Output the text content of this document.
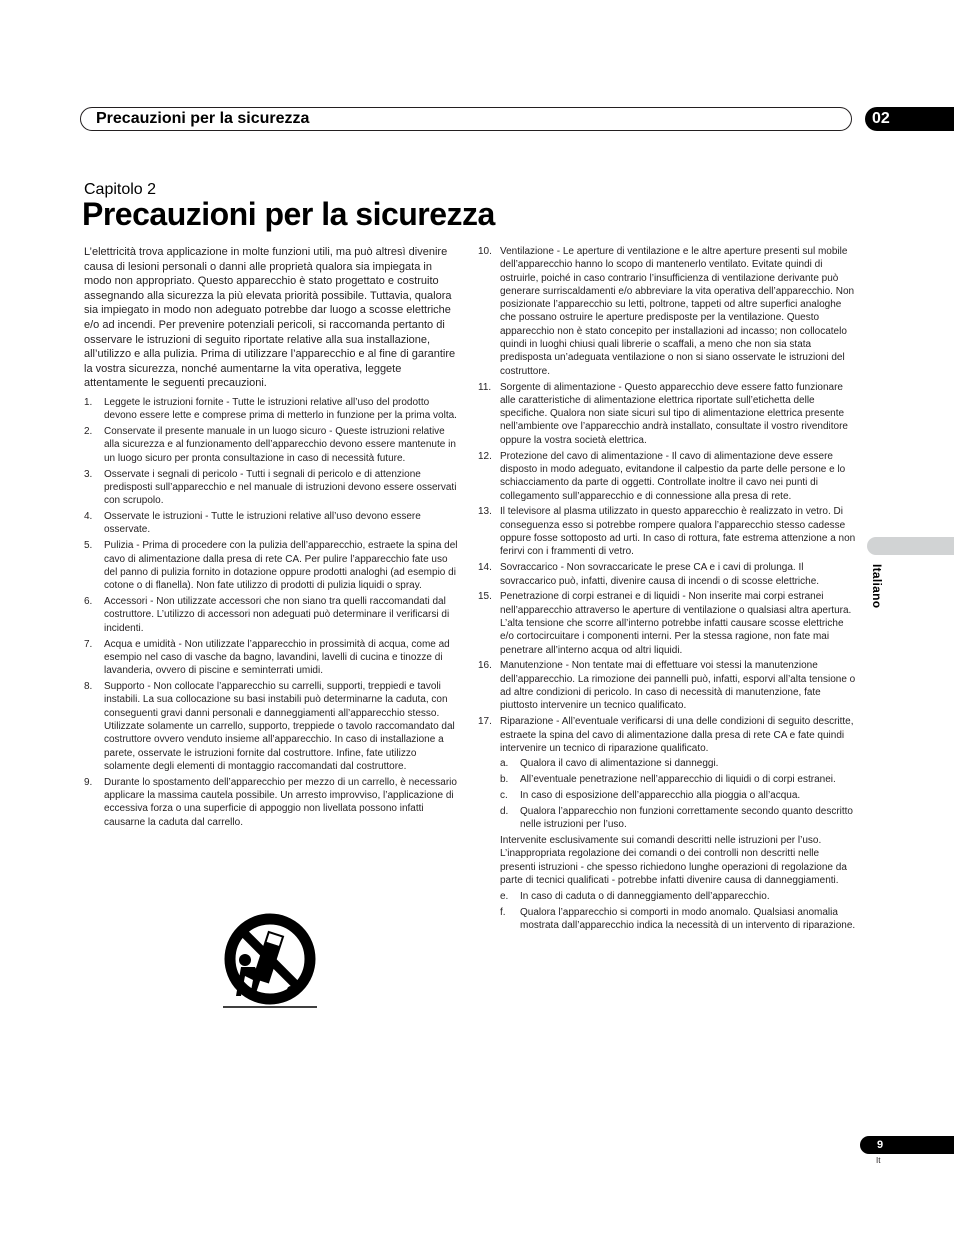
Precauzioni per la sicurezza	02
Capitolo 2
Precauzioni per la sicurezza

L’elettricità trova applicazione in molte funzioni utili, ma può altresì divenire causa di lesioni personali o danni alle proprietà qualora sia impiegata in modo non appropriato. Questo apparecchio è stato progettato e costruito assegnando alla sicurezza la più elevata priorità possibile. Tuttavia, qualora sia impiegato in modo non adeguato potrebbe dar luogo a scosse elettriche e/o ad incendi. Per prevenire potenziali pericoli, si raccomanda pertanto di osservare le istruzioni di seguito riportate relative alla sua installazione, all’utilizzo e alla pulizia. Prima di utilizzare l’apparecchio e al fine di garantire la vostra sicurezza, nonché aumentarne la vita operativa, leggete attentamente le seguenti precauzioni.

1. Leggete le istruzioni fornite - Tutte le istruzioni relative all’uso del prodotto devono essere lette e comprese prima di metterlo in funzione per la prima volta.
2. Conservate il presente manuale in un luogo sicuro - Queste istruzioni relative alla sicurezza e al funzionamento dell’apparecchio devono essere mantenute in un luogo sicuro per pronta consultazione in caso di necessità future.
3. Osservate i segnali di pericolo - Tutti i segnali di pericolo e di attenzione predisposti sull’apparecchio e nel manuale di istruzioni devono essere osservati con scrupolo.
4. Osservate le istruzioni - Tutte le istruzioni relative all’uso devono essere osservate.
5. Pulizia - Prima di procedere con la pulizia dell’apparecchio, estraete la spina del cavo di alimentazione dalla presa di rete CA. Per pulire l’apparecchio fate uso del panno di pulizia fornito in dotazione oppure prodotti analoghi (ad esempio di cotone o di flanella). Non fate utilizzo di prodotti di pulizia liquidi o spray.
6. Accessori - Non utilizzate accessori che non siano tra quelli raccomandati dal costruttore. L’utilizzo di accessori non adeguati può determinare il verificarsi di incidenti.
7. Acqua e umidità - Non utilizzate l’apparecchio in prossimità di acqua, come ad esempio nel caso di vasche da bagno, lavandini, lavelli di cucina e tinozze di lavanderia, ovvero di piscine e seminterrati umidi.
8. Supporto - Non collocate l’apparecchio su carrelli, supporti, treppiedi e tavoli instabili. La sua collocazione su basi instabili può determinarne la caduta, con conseguenti gravi danni personali e danneggiamenti all’apparecchio stesso. Utilizzate solamente un carrello, supporto, treppiede o tavolo raccomandato dal costruttore ovvero venduto insieme all’apparecchio. In caso di installazione a parete, osservate le istruzioni fornite dal costruttore. Infine, fate utilizzo solamente degli elementi di montaggio raccomandati dal costruttore.
9. Durante lo spostamento dell’apparecchio per mezzo di un carrello, è necessario applicare la massima cautela possibile. Un arresto improvviso, l’applicazione di eccessiva forza o una superficie di appoggio non livellata possono infatti causarne la caduta dal carrello.
10. Ventilazione - Le aperture di ventilazione e le altre aperture presenti sul mobile dell’apparecchio hanno lo scopo di mantenerlo ventilato. Evitate quindi di ostruirle, poiché in caso contrario l’insufficienza di ventilazione derivante può generare surriscaldamenti e/o abbreviare la vita operativa dell’apparecchio. Non posizionate l’apparecchio su letti, poltrone, tappeti od altre superfici analoghe che possano ostruire le aperture predisposte per la ventilazione. Questo apparecchio non è stato concepito per installazioni ad incasso; non collocatelo quindi in luoghi chiusi quali librerie o scaffali, a meno che non sia stata predisposta un’adeguata ventilazione o non si siano osservate le istruzioni del costruttore.
11. Sorgente di alimentazione - Questo apparecchio deve essere fatto funzionare alle caratteristiche di alimentazione elettrica riportate sull’etichetta delle specifiche. Qualora non siate sicuri sul tipo di alimentazione elettrica presente nell’ambiente ove l’apparecchio andrà installato, consultate il vostro rivenditore oppure la vostra società elettrica.
12. Protezione del cavo di alimentazione - Il cavo di alimentazione deve essere disposto in modo adeguato, evitandone il calpestio da parte delle persone e lo schiacciamento da parte di oggetti. Controllate inoltre il cavo nei punti di collegamento sull’apparecchio e di connessione alla presa di rete.
13. Il televisore al plasma utilizzato in questo apparecchio è realizzato in vetro. Di conseguenza esso si potrebbe rompere qualora l’apparecchio stesso cadesse oppure fosse sottoposto ad urti. In caso di rottura, fate estrema attenzione a non ferirvi con i frammenti di vetro.
14. Sovraccarico - Non sovraccaricate le prese CA e i cavi di prolunga. Il sovraccarico può, infatti, divenire causa di incendi o di scosse elettriche.
15. Penetrazione di corpi estranei e di liquidi - Non inserite mai corpi estranei nell’apparecchio attraverso le aperture di ventilazione o qualsiasi altra apertura. L’alta tensione che scorre all’interno potrebbe infatti causare scosse elettriche e/o cortocircuitare i componenti interni. Per la stessa ragione, non fate mai penetrare all’interno acqua od altri liquidi.
16. Manutenzione - Non tentate mai di effettuare voi stessi la manutenzione dell’apparecchio. La rimozione dei pannelli può, infatti, esporvi all’alta tensione o ad altre condizioni di pericolo. In caso di necessità di manutenzione, fate piuttosto intervenire un tecnico qualificato.
17. Riparazione - All’eventuale verificarsi di una delle condizioni di seguito descritte, estraete la spina del cavo di alimentazione dalla presa di rete CA e fate quindi intervenire un tecnico di riparazione qualificato.
a. Qualora il cavo di alimentazione si danneggi.
b. All’eventuale penetrazione nell’apparecchio di liquidi o di corpi estranei.
c. In caso di esposizione dell’apparecchio alla pioggia o all’acqua.
d. Qualora l’apparecchio non funzioni correttamente secondo quanto descritto nelle istruzioni per l’uso.
Intervenite esclusivamente sui comandi descritti nelle istruzioni per l’uso. L’inappropriata regolazione dei comandi o dei controlli non descritti nelle presenti istruzioni - che spesso richiedono lunghe operazioni di regolazione da parte di tecnici qualificati - potrebbe infatti divenire causa di danneggiamenti.
e. In caso di caduta o di danneggiamento dell’apparecchio.
f. Qualora l’apparecchio si comporti in modo anomalo. Qualsiasi anomalia mostrata dall’apparecchio indica la necessità di un intervento di riparazione.
Italiano
9
It
